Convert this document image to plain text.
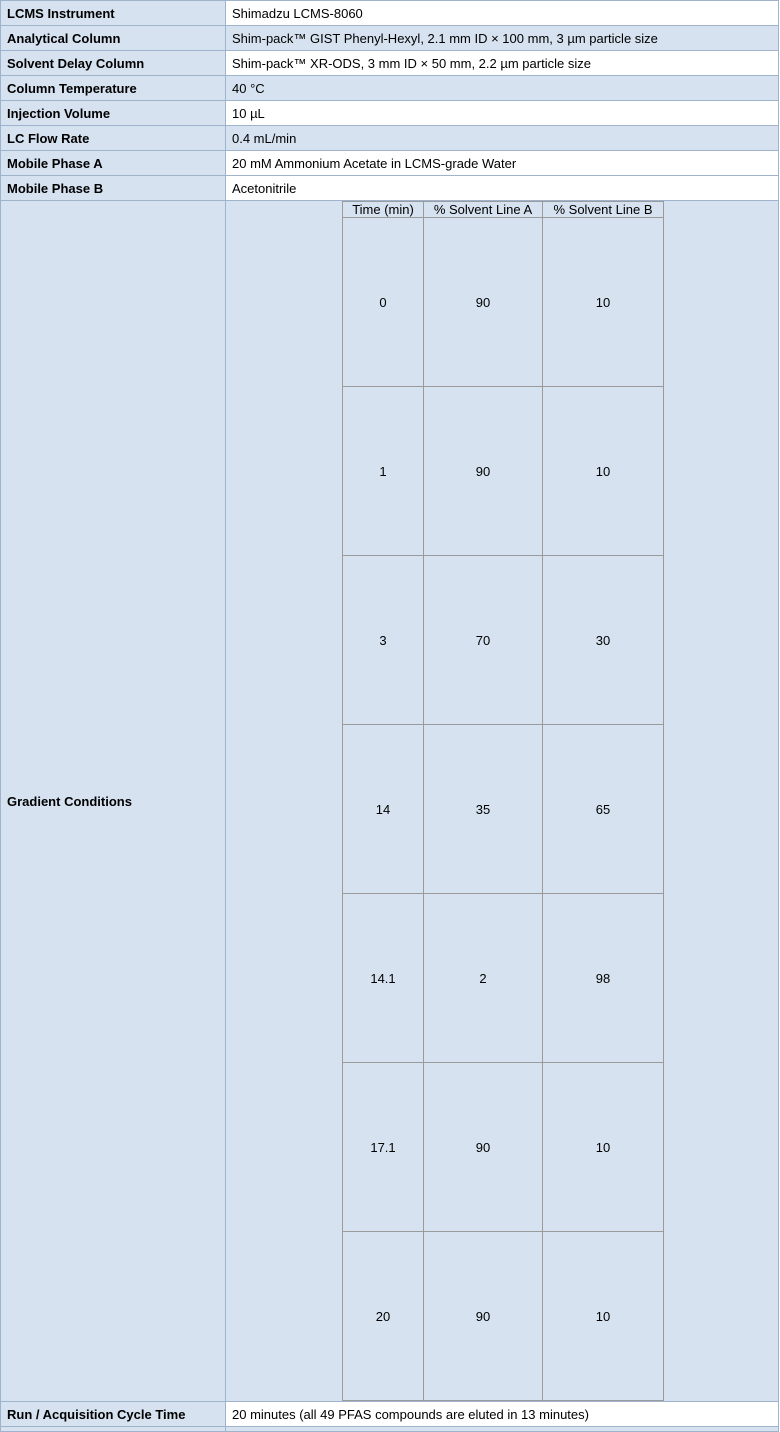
LCMS Instrument	Shimadzu LCMS-8060
Analytical Column	Shim-pack™ GIST Phenyl-Hexyl, 2.1 mm ID × 100 mm, 3 µm particle size
Solvent Delay Column	Shim-pack™ XR-ODS, 3 mm ID × 50 mm, 2.2 µm particle size
Column Temperature	40 °C
Injection Volume	10 µL
LC Flow Rate	0.4 mL/min
Mobile Phase A	20 mM Ammonium Acetate in LCMS-grade Water
Mobile Phase B	Acetonitrile
Gradient Conditions	
Time (min)	% Solvent Line A	% Solvent Line B
0	90	10
1	90	10
3	70	30
14	35	65
14.1	2	98
17.1	90	10
20	90	10

Run / Acquisition Cycle Time	20 minutes (all 49 PFAS compounds are eluted in 13 minutes)
